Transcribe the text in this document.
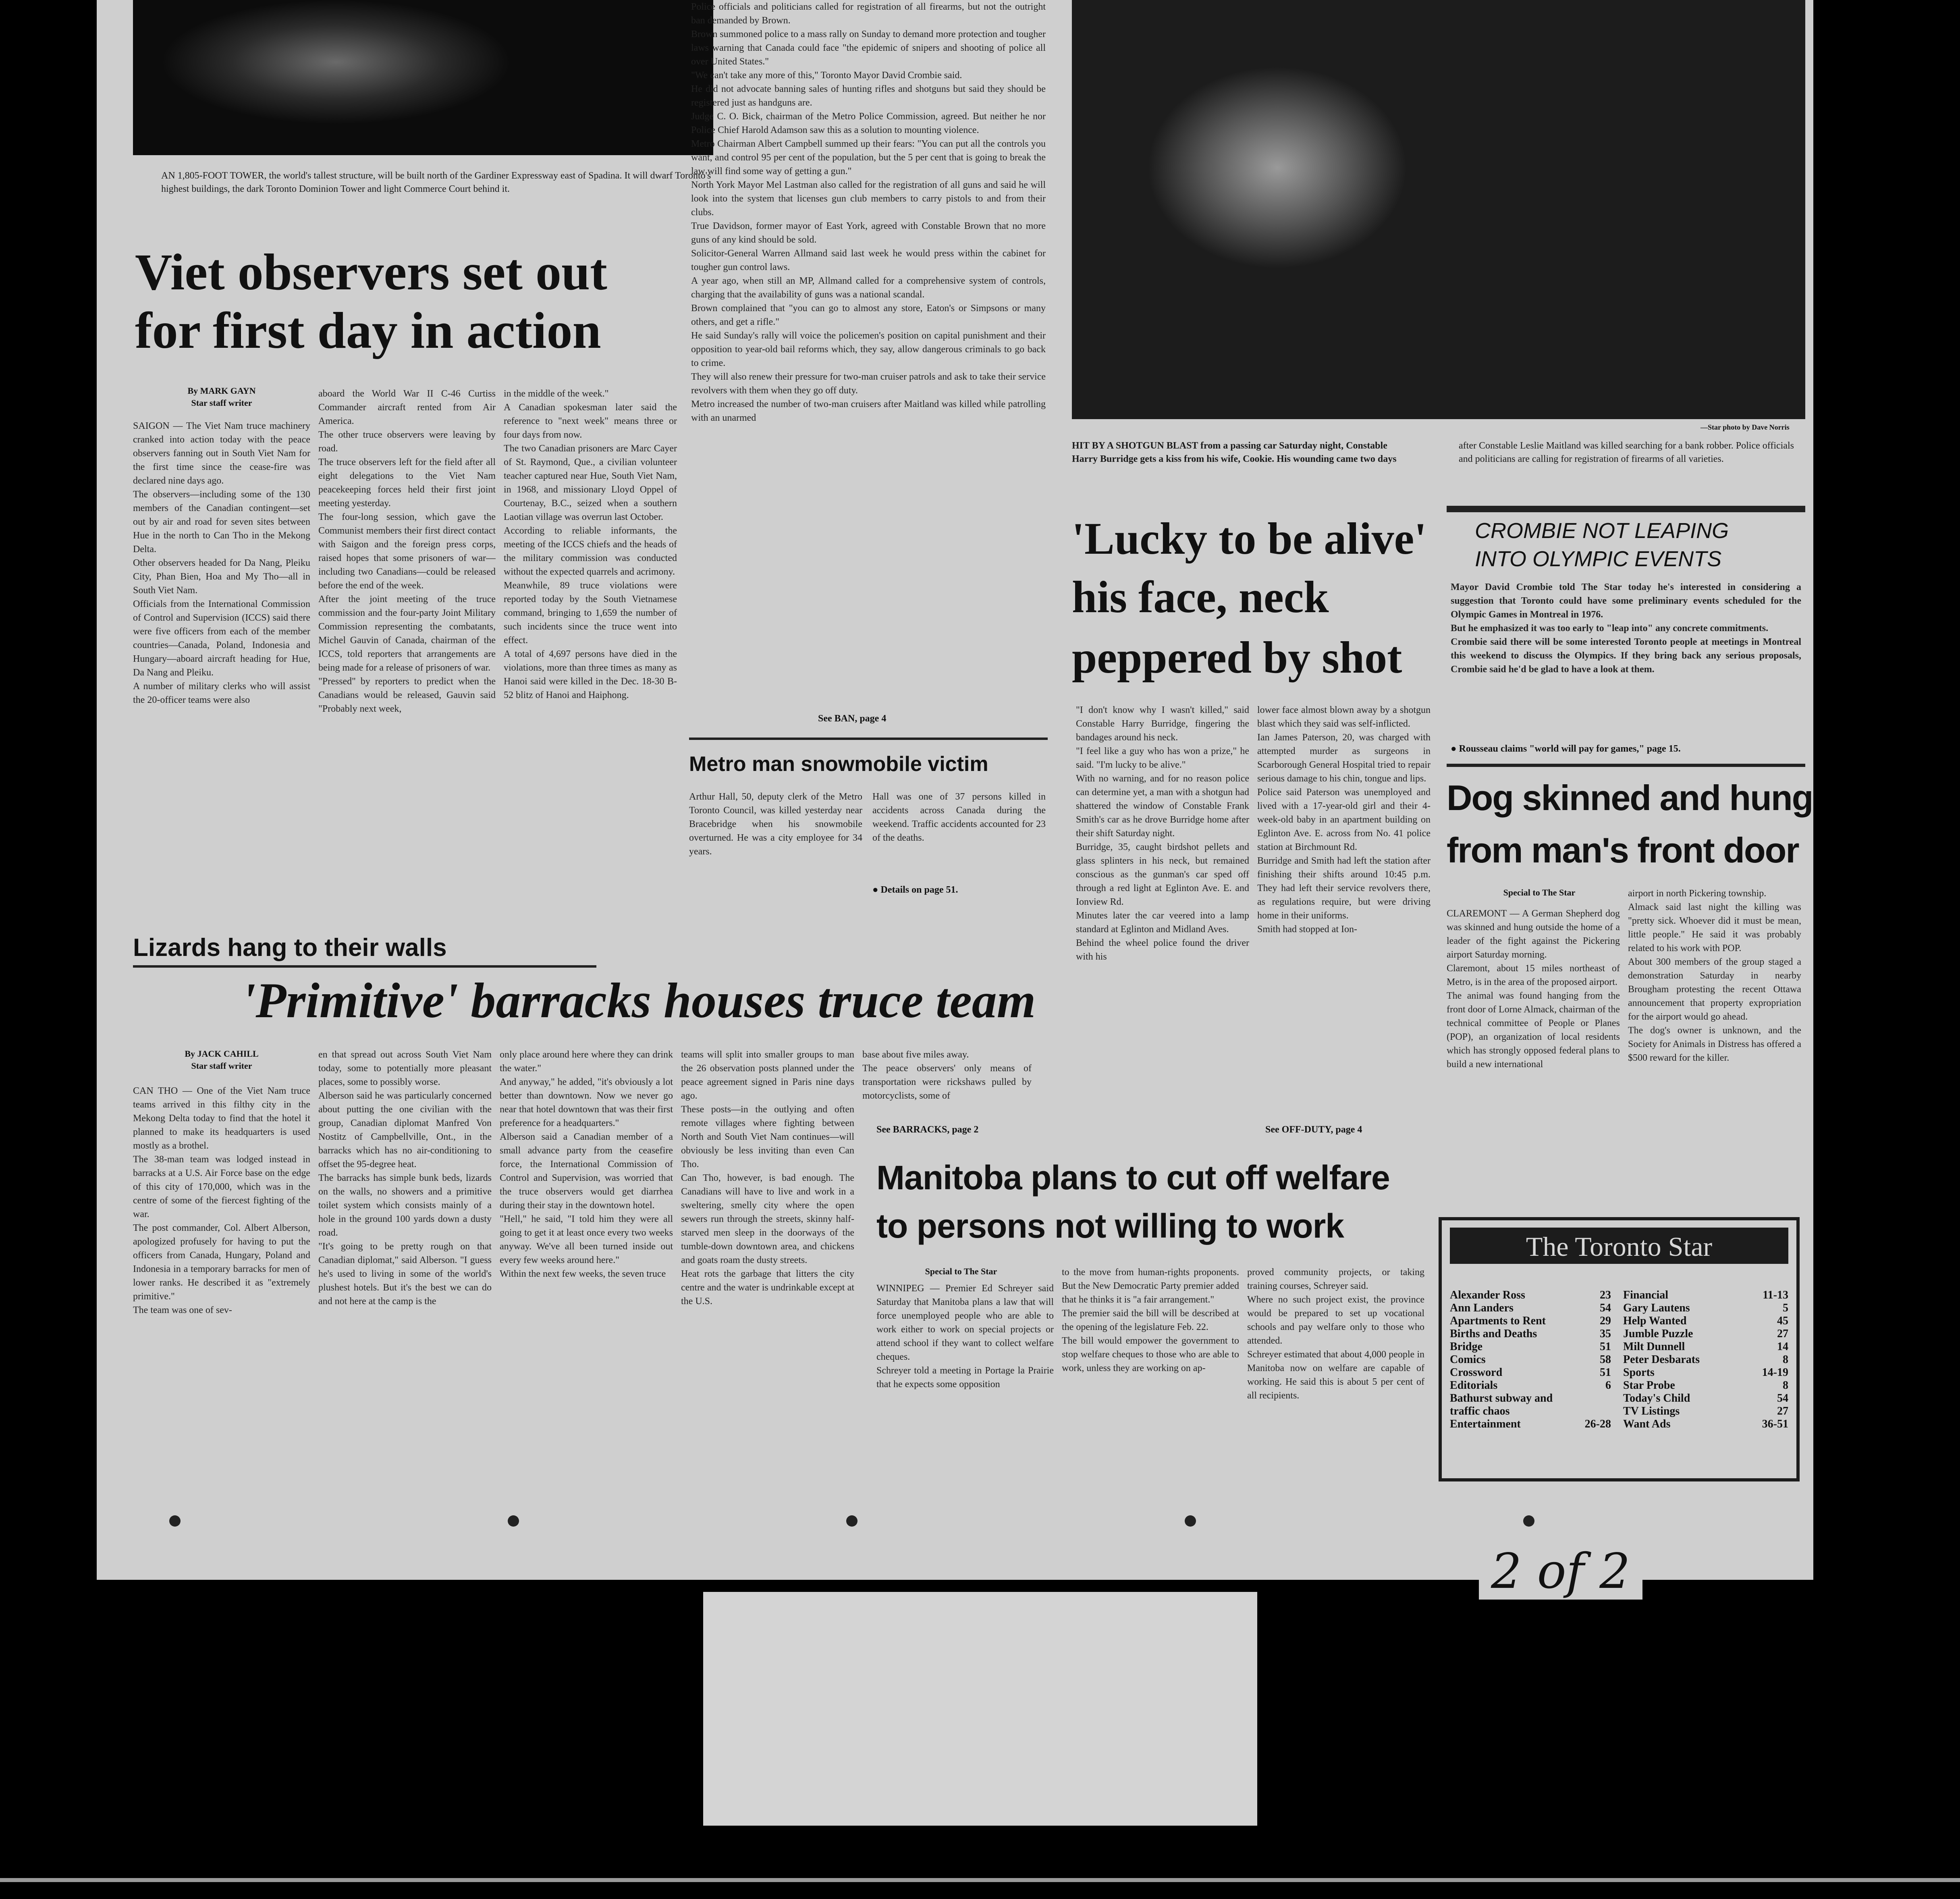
AN 1,805-FOOT TOWER, the world's tallest structure, will be built north of the Gardiner Expressway east of Spadina. It will dwarf Toronto's highest buildings, the dark Toronto Dominion Tower and light Commerce Court behind it.
Viet observers set out
for first day in action
By MARK GAYN
Star staff writer
SAIGON — The Viet Nam truce machinery cranked into action today with the peace observers fanning out in South Viet Nam for the first time since the cease-fire was declared nine days ago.
The observers—including some of the 130 members of the Canadian contingent—set out by air and road for seven sites between Hue in the north to Can Tho in the Mekong Delta.
Other observers headed for Da Nang, Pleiku City, Phan Bien, Hoa and My Tho—all in South Viet Nam.
Officials from the International Commission of Control and Supervision (ICCS) said there were five officers from each of the member countries—Canada, Poland, Indonesia and Hungary—aboard aircraft heading for Hue, Da Nang and Pleiku.
A number of military clerks who will assist the 20-officer teams were also
aboard the World War II C-46 Curtiss Commander aircraft rented from Air America.
The other truce observers were leaving by road.
The truce observers left for the field after all eight delegations to the Viet Nam peacekeeping forces held their first joint meeting yesterday.
The four-long session, which gave the Communist members their first direct contact with Saigon and the foreign press corps, raised hopes that some prisoners of war—including two Canadians—could be released before the end of the week.
After the joint meeting of the truce commission and the four-party Joint Military Commission representing the combatants, Michel Gauvin of Canada, chairman of the ICCS, told reporters that arrangements are being made for a release of prisoners of war.
"Pressed" by reporters to predict when the Canadians would be released, Gauvin said "Probably next week,
in the middle of the week."
A Canadian spokesman later said the reference to "next week" means three or four days from now.
The two Canadian prisoners are Marc Cayer of St. Raymond, Que., a civilian volunteer teacher captured near Hue, South Viet Nam, in 1968, and missionary Lloyd Oppel of Courtenay, B.C., seized when a southern Laotian village was overrun last October.
According to reliable informants, the meeting of the ICCS chiefs and the heads of the military commission was conducted without the expected quarrels and acrimony.
Meanwhile, 89 truce violations were reported today by the South Vietnamese command, bringing to 1,659 the number of such incidents since the truce went into effect.
A total of 4,697 persons have died in the violations, more than three times as many as Hanoi said were killed in the Dec. 18-30 B-52 blitz of Hanoi and Haiphong.
Police officials and politicians called for registration of all firearms, but not the outright ban demanded by Brown.
Brown summoned police to a mass rally on Sunday to demand more protection and tougher laws warning that Canada could face "the epidemic of snipers and shooting of police all over United States."
"We can't take any more of this," Toronto Mayor David Crombie said.
He did not advocate banning sales of hunting rifles and shotguns but said they should be registered just as handguns are.
Judge C. O. Bick, chairman of the Metro Police Commission, agreed. But neither he nor Police Chief Harold Adamson saw this as a solution to mounting violence.
Metro Chairman Albert Campbell summed up their fears: "You can put all the controls you want, and control 95 per cent of the population, but the 5 per cent that is going to break the law will find some way of getting a gun."
North York Mayor Mel Lastman also called for the registration of all guns and said he will look into the system that licenses gun club members to carry pistols to and from their clubs.
True Davidson, former mayor of East York, agreed with Constable Brown that no more guns of any kind should be sold.
Solicitor-General Warren Allmand said last week he would press within the cabinet for tougher gun control laws.
A year ago, when still an MP, Allmand called for a comprehensive system of controls, charging that the availability of guns was a national scandal.
Brown complained that "you can go to almost any store, Eaton's or Simpsons or many others, and get a rifle."
He said Sunday's rally will voice the policemen's position on capital punishment and their opposition to year-old bail reforms which, they say, allow dangerous criminals to go back to crime.
They will also renew their pressure for two-man cruiser patrols and ask to take their service revolvers with them when they go off duty.
Metro increased the number of two-man cruisers after Maitland was killed while patrolling with an unarmed
See BAN, page 4
Metro man snowmobile victim
Arthur Hall, 50, deputy clerk of the Metro Toronto Council, was killed yesterday near Bracebridge when his snowmobile overturned. He was a city employee for 34 years.
Hall was one of 37 persons killed in accidents across Canada during the weekend. Traffic accidents accounted for 23 of the deaths.
● Details on page 51.
—Star photo by Dave Norris
HIT BY A SHOTGUN BLAST from a passing car Saturday night, Constable Harry Burridge gets a kiss from his wife, Cookie. His wounding came two days
after Constable Leslie Maitland was killed searching for a bank robber. Police officials and politicians are calling for registration of firearms of all varieties.
'Lucky to be alive'
his face, neck
peppered by shot
"I don't know why I wasn't killed," said Constable Harry Burridge, fingering the bandages around his neck.
"I feel like a guy who has won a prize," he said. "I'm lucky to be alive."
With no warning, and for no reason police can determine yet, a man with a shotgun had shattered the window of Constable Frank Smith's car as he drove Burridge home after their shift Saturday night.
Burridge, 35, caught birdshot pellets and glass splinters in his neck, but remained conscious as the gunman's car sped off through a red light at Eglinton Ave. E. and Ionview Rd.
Minutes later the car veered into a lamp standard at Eglinton and Midland Aves.
Behind the wheel police found the driver with his
lower face almost blown away by a shotgun blast which they said was self-inflicted.
Ian James Paterson, 20, was charged with attempted murder as surgeons in Scarborough General Hospital tried to repair serious damage to his chin, tongue and lips.
Police said Paterson was unemployed and lived with a 17-year-old girl and their 4-week-old baby in an apartment building on Eglinton Ave. E. across from No. 41 police station at Birchmount Rd.
Burridge and Smith had left the station after finishing their shifts around 10:45 p.m. They had left their service revolvers there, as regulations require, but were driving home in their uniforms.
Smith had stopped at Ion-
See OFF-DUTY, page 4
CROMBIE NOT LEAPING
INTO OLYMPIC EVENTS
Mayor David Crombie told The Star today he's interested in considering a suggestion that Toronto could have some preliminary events scheduled for the Olympic Games in Montreal in 1976.
But he emphasized it was too early to "leap into" any concrete commitments.
Crombie said there will be some interested Toronto people at meetings in Montreal this weekend to discuss the Olympics. If they bring back any serious proposals, Crombie said he'd be glad to have a look at them.
● Rousseau claims "world will pay for games," page 15.
Dog skinned and hung
from man's front door
Special to The Star
CLAREMONT — A German Shepherd dog was skinned and hung outside the home of a leader of the fight against the Pickering airport Saturday morning.
Claremont, about 15 miles northeast of Metro, is in the area of the proposed airport.
The animal was found hanging from the front door of Lorne Almack, chairman of the technical committee of People or Planes (POP), an organization of local residents which has strongly opposed federal plans to build a new international
airport in north Pickering township.
Almack said last night the killing was "pretty sick. Whoever did it must be mean, little people." He said it was probably related to his work with POP.
About 300 members of the group staged a demonstration Saturday in nearby Brougham protesting the recent Ottawa announcement that property expropriation for the airport would go ahead.
The dog's owner is unknown, and the Society for Animals in Distress has offered a $500 reward for the killer.
Lizards hang to their walls
'Primitive' barracks houses truce team
By JACK CAHILL
Star staff writer
CAN THO — One of the Viet Nam truce teams arrived in this filthy city in the Mekong Delta today to find that the hotel it planned to make its headquarters is used mostly as a brothel.
The 38-man team was lodged instead in barracks at a U.S. Air Force base on the edge of this city of 170,000, which was in the centre of some of the fiercest fighting of the war.
The post commander, Col. Albert Alberson, apologized profusely for having to put the officers from Canada, Hungary, Poland and Indonesia in a temporary barracks for men of lower ranks. He described it as "extremely primitive."
The team was one of sev-
en that spread out across South Viet Nam today, some to potentially more pleasant places, some to possibly worse.
Alberson said he was particularly concerned about putting the one civilian with the group, Canadian diplomat Manfred Von Nostitz of Campbellville, Ont., in the barracks which has no air-conditioning to offset the 95-degree heat.
The barracks has simple bunk beds, lizards on the walls, no showers and a primitive toilet system which consists mainly of a hole in the ground 100 yards down a dusty road.
"It's going to be pretty rough on that Canadian diplomat," said Alberson. "I guess he's used to living in some of the world's plushest hotels. But it's the best we can do and not here at the camp is the
only place around here where they can drink the water."
And anyway," he added, "it's obviously a lot better than downtown. Now we never go near that hotel downtown that was their first preference for a headquarters."
Alberson said a Canadian member of a small advance party from the ceasefire force, the International Commission of Control and Supervision, was worried that the truce observers would get diarrhea during their stay in the downtown hotel.
"Hell," he said, "I told him they were all going to get it at least once every two weeks anyway. We've all been turned inside out every few weeks around here."
Within the next few weeks, the seven truce
teams will split into smaller groups to man the 26 observation posts planned under the peace agreement signed in Paris nine days ago.
These posts—in the outlying and often remote villages where fighting between North and South Viet Nam continues—will obviously be less inviting than even Can Tho.
Can Tho, however, is bad enough. The Canadians will have to live and work in a sweltering, smelly city where the open sewers run through the streets, skinny half-starved men sleep in the doorways of the tumble-down downtown area, and chickens and goats roam the dusty streets.
Heat rots the garbage that litters the city centre and the water is undrinkable except at the U.S.
base about five miles away.
The peace observers' only means of transportation were rickshaws pulled by motorcyclists, some of
See BARRACKS, page 2
Manitoba plans to cut off welfare
to persons not willing to work
Special to The Star
WINNIPEG — Premier Ed Schreyer said Saturday that Manitoba plans a law that will force unemployed people who are able to work either to work on special projects or attend school if they want to collect welfare cheques.
Schreyer told a meeting in Portage la Prairie that he expects some opposition
to the move from human-rights proponents. But the New Democratic Party premier added that he thinks it is "a fair arrangement."
The premier said the bill will be described at the opening of the legislature Feb. 22.
The bill would empower the government to stop welfare cheques to those who are able to work, unless they are working on ap-
proved community projects, or taking training courses, Schreyer said.
Where no such project exist, the province would be prepared to set up vocational schools and pay welfare only to those who attended.
Schreyer estimated that about 4,000 people in Manitoba now on welfare are capable of working. He said this is about 5 per cent of all recipients.
The Toronto Star
Alexander Ross	23
Ann Landers	54
Apartments to Rent	29
Births and Deaths	35
Bridge	51
Comics	58
Crossword	51
Editorials	6
Bathurst subway and traffic chaos
Entertainment	26-28
Financial	11-13
Gary Lautens	5
Help Wanted	45
Jumble Puzzle	27
Milt Dunnell	14
Peter Desbarats	8
Sports	14-19
Star Probe	8
Today's Child	54
TV Listings	27
Want Ads	36-51
2 of 2
